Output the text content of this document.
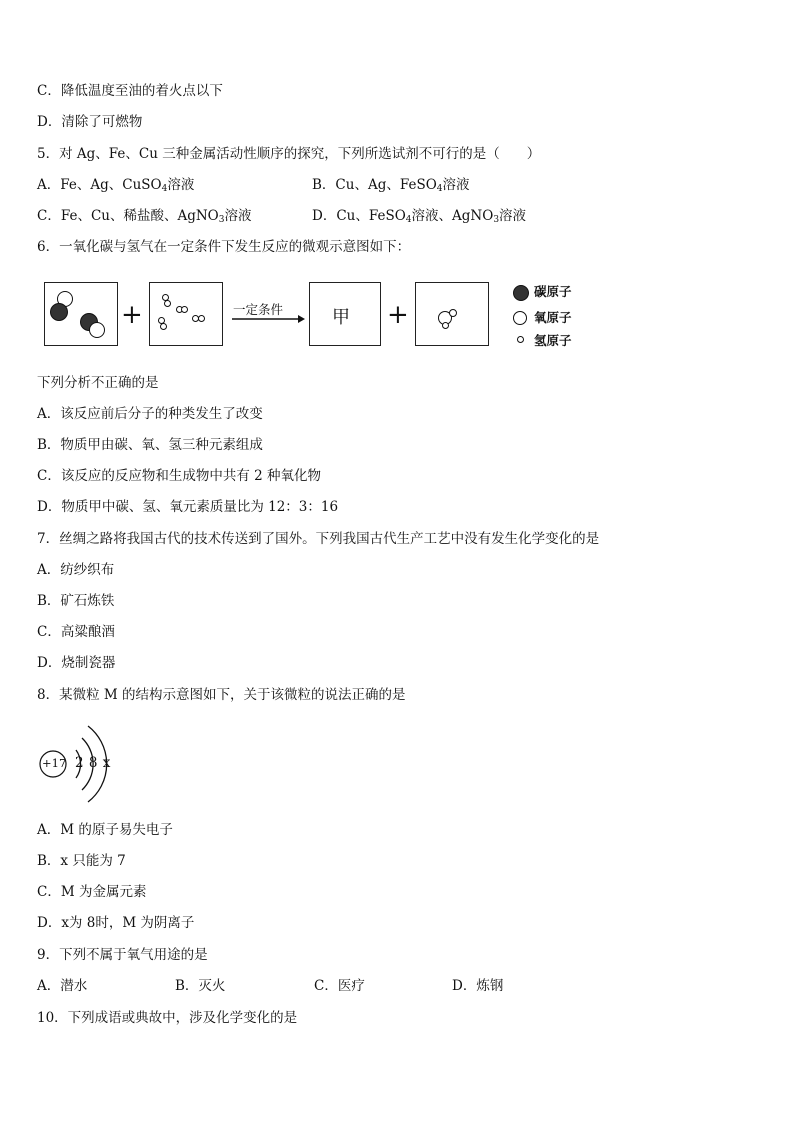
C．降低温度至油的着火点以下
D．清除了可燃物
5．对 Ag、Fe、Cu 三种金属活动性顺序的探究，下列所选试剂不可行的是（　　）
A．Fe、Ag、CuSO$_4$溶液	B．Cu、Ag、FeSO$_4$溶液
C．Fe、Cu、稀盐酸、AgNO$_3$溶液	D．Cu、FeSO$_4$溶液、AgNO$_3$溶液
6．一氧化碳与氢气在一定条件下发生反应的微观示意图如下：
+	一定条件	甲 +
碳原子
氧原子
氢原子
下列分析不正确的是
A．该反应前后分子的种类发生了改变
B．物质甲由碳、氧、氢三种元素组成
C．该反应的反应物和生成物中共有 2 种氧化物
D．物质甲中碳、氢、氧元素质量比为 12：3：16
7．丝绸之路将我国古代的技术传送到了国外。下列我国古代生产工艺中没有发生化学变化的是
A．纺纱织布
B．矿石炼铁
C．高粱酿酒
D．烧制瓷器
8．某微粒 M 的结构示意图如下，关于该微粒的说法正确的是
+17 2 8 x
A．M 的原子易失电子
B．x 只能为 7
C．M 为金属元素
D．x为 8时，M 为阴离子
9．下列不属于氧气用途的是
A．潜水	B．灭火	C．医疗	D．炼钢
10．下列成语或典故中，涉及化学变化的是
